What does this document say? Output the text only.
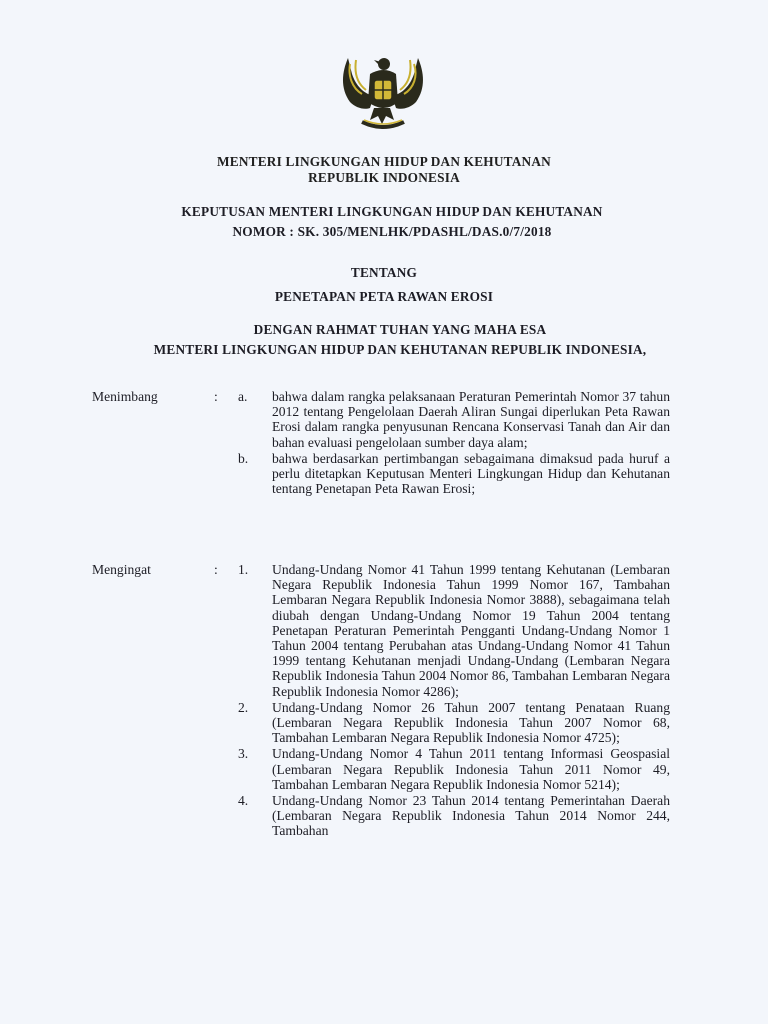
MENTERI LINGKUNGAN HIDUP DAN KEHUTANAN
REPUBLIK INDONESIA
KEPUTUSAN MENTERI LINGKUNGAN HIDUP DAN KEHUTANAN
NOMOR : SK. 305/MENLHK/PDASHL/DAS.0/7/2018
TENTANG
PENETAPAN PETA RAWAN EROSI
DENGAN RAHMAT TUHAN YANG MAHA ESA
MENTERI LINGKUNGAN HIDUP DAN KEHUTANAN REPUBLIK INDONESIA,
Menimbang	:	a.	bahwa dalam rangka pelaksanaan Peraturan Pemerintah Nomor 37 tahun 2012 tentang Pengelolaan Daerah Aliran Sungai diperlukan Peta Rawan Erosi dalam rangka penyusunan Rencana Konservasi Tanah dan Air dan bahan evaluasi pengelolaan sumber daya alam;
b.	bahwa berdasarkan pertimbangan sebagaimana dimaksud pada huruf a perlu ditetapkan Keputusan Menteri Lingkungan Hidup dan Kehutanan tentang Penetapan Peta Rawan Erosi;
Mengingat	:	1.	Undang-Undang Nomor 41 Tahun 1999 tentang Kehutanan (Lembaran Negara Republik Indonesia Tahun 1999 Nomor 167, Tambahan Lembaran Negara Republik Indonesia Nomor 3888), sebagaimana telah diubah dengan Undang-Undang Nomor 19 Tahun 2004 tentang Penetapan Peraturan Pemerintah Pengganti Undang-Undang Nomor 1 Tahun 2004 tentang Perubahan atas Undang-Undang Nomor 41 Tahun 1999 tentang Kehutanan menjadi Undang-Undang (Lembaran Negara Republik Indonesia Tahun 2004 Nomor 86, Tambahan Lembaran Negara Republik Indonesia Nomor 4286);
2.	Undang-Undang Nomor 26 Tahun 2007 tentang Penataan Ruang (Lembaran Negara Republik Indonesia Tahun 2007 Nomor 68, Tambahan Lembaran Negara Republik Indonesia Nomor 4725);
3.	Undang-Undang Nomor 4 Tahun 2011 tentang Informasi Geospasial (Lembaran Negara Republik Indonesia Tahun 2011 Nomor 49, Tambahan Lembaran Negara Republik Indonesia Nomor 5214);
4.	Undang-Undang Nomor 23 Tahun 2014 tentang Pemerintahan Daerah (Lembaran Negara Republik Indonesia Tahun 2014 Nomor 244, Tambahan
